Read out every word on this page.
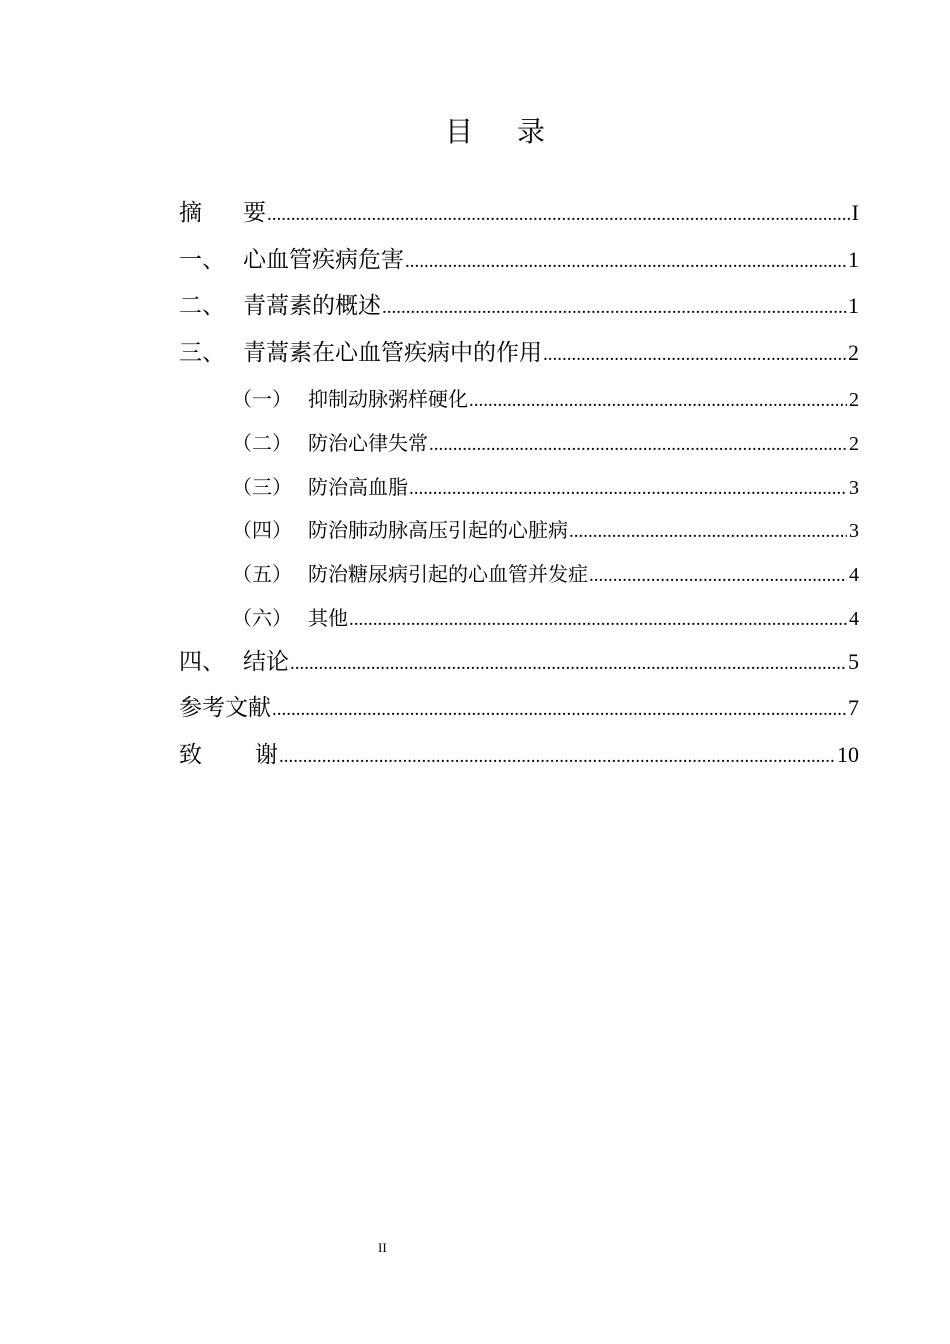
目 录
摘	要 .....	I
一、 心血管疾病危害 .....	1
二、 青蒿素的概述 .....	1
三、 青蒿素在心血管疾病中的作用 .....	2
（一） 抑制动脉粥样硬化 .....	2
（二） 防治心律失常 .....	2
（三） 防治高血脂 .....	3
（四） 防治肺动脉高压引起的心脏病 .....	3
（五） 防治糖尿病引起的心血管并发症 .....	4
（六） 其他 .....	4
四、 结论 .....	5
参考文献 .....	7
致	谢 .....	10
II
